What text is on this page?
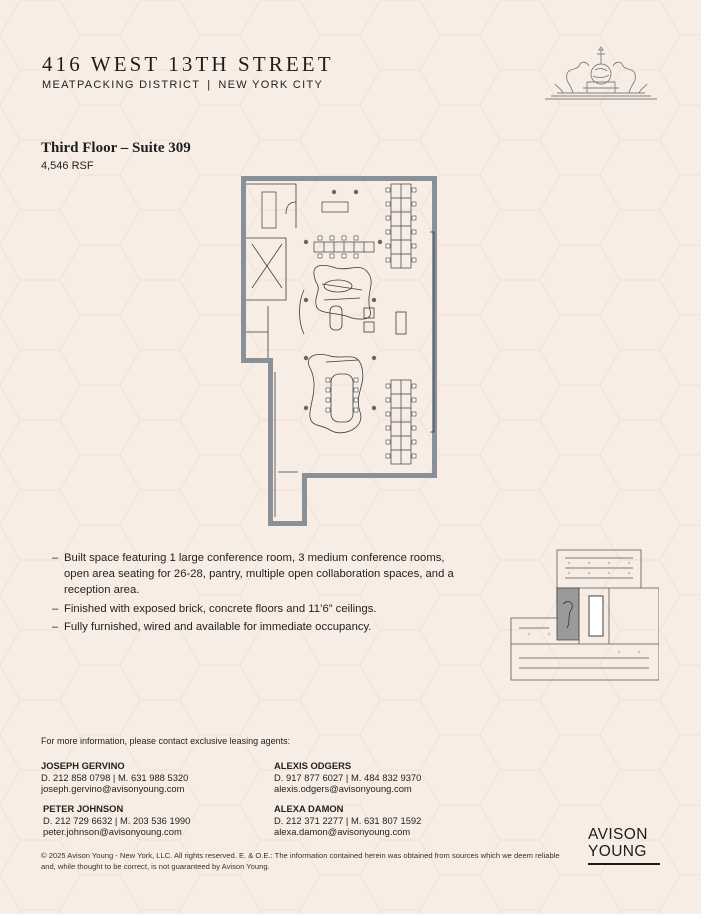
416 WEST 13TH STREET
MEATPACKING DISTRICT | NEW YORK CITY
Third Floor – Suite 309
4,546 RSF
– Built space featuring 1 large conference room, 3 medium conference rooms, open area seating for 26-28, pantry, multiple open collaboration spaces, and a reception area.
– Finished with exposed brick, concrete floors and 11’6” ceilings.
– Fully furnished, wired and available for immediate occupancy.
For more information, please contact exclusive leasing agents:
JOSEPH GERVINO
D. 212 858 0798 | M. 631 988 5320
joseph.gervino@avisonyoung.com
ALEXIS ODGERS
D. 917 877 6027 | M. 484 832 9370
alexis.odgers@avisonyoung.com
PETER JOHNSON
D. 212 729 6632 | M. 203 536 1990
peter.johnson@avisonyoung.com
ALEXA DAMON
D. 212 371 2277 | M. 631 807 1592
alexa.damon@avisonyoung.com	AVISON
YOUNG
© 2025 Avison Young - New York, LLC. All rights reserved. E. & O.E.: The information contained herein was obtained from sources which we deem reliable and, while thought to be correct, is not guaranteed by Avison Young.
